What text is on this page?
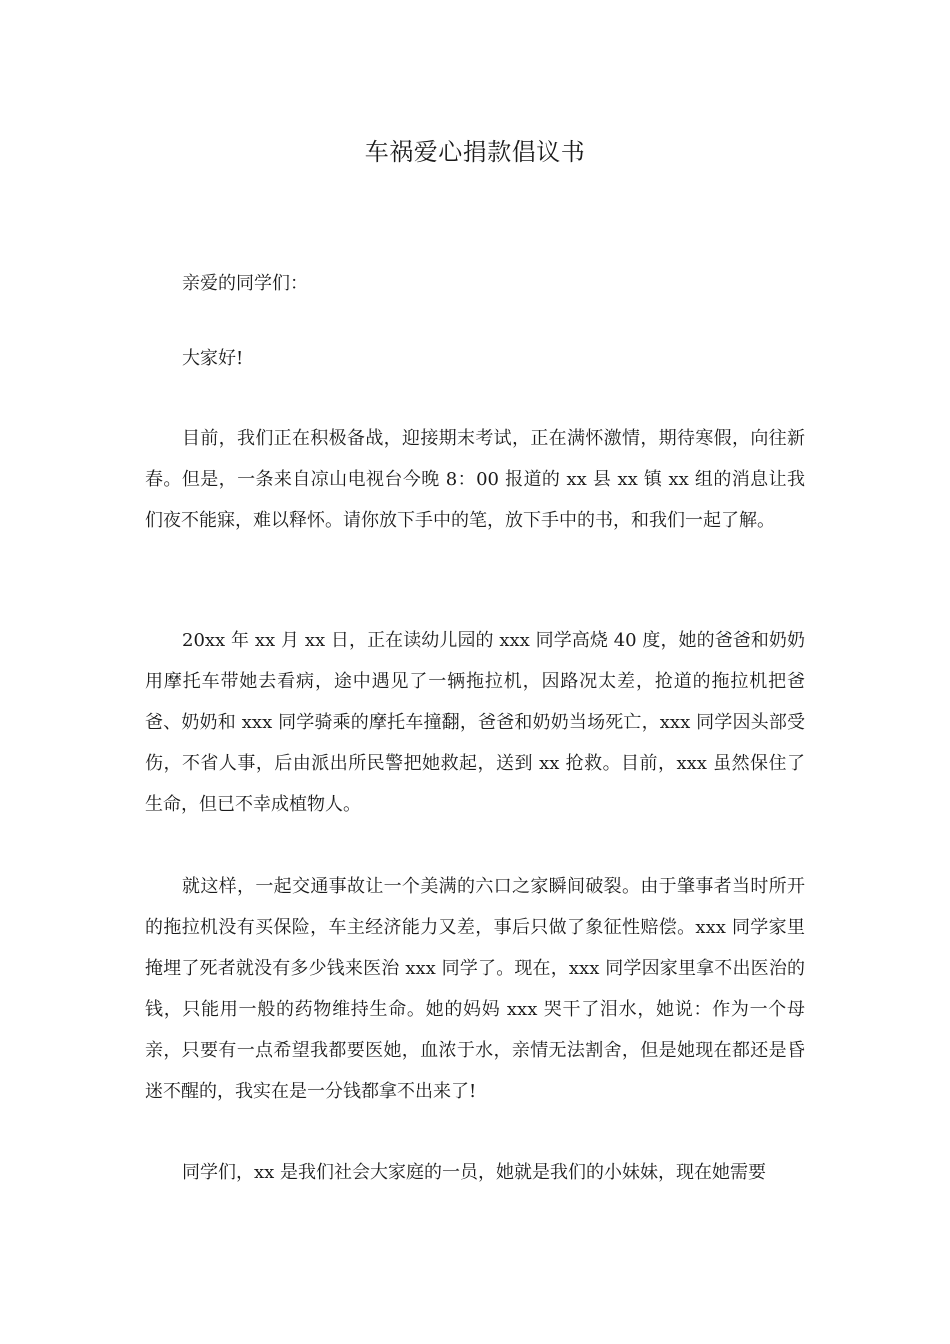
车祸爱心捐款倡议书

亲爱的同学们：

大家好!

目前，我们正在积极备战，迎接期末考试，正在满怀激情，期待寒假，向往新春。但是，一条来自凉山电视台今晚 8：00 报道的 xx 县 xx 镇 xx 组的消息让我们夜不能寐，难以释怀。请你放下手中的笔，放下手中的书，和我们一起了解。

20xx 年 xx 月 xx 日，正在读幼儿园的 xxx 同学高烧 40 度，她的爸爸和奶奶用摩托车带她去看病，途中遇见了一辆拖拉机，因路况太差，抢道的拖拉机把爸爸、奶奶和 xxx 同学骑乘的摩托车撞翻，爸爸和奶奶当场死亡，xxx 同学因头部受伤，不省人事，后由派出所民警把她救起，送到 xx 抢救。目前，xxx 虽然保住了生命，但已不幸成植物人。

就这样，一起交通事故让一个美满的六口之家瞬间破裂。由于肇事者当时所开的拖拉机没有买保险，车主经济能力又差，事后只做了象征性赔偿。xxx 同学家里掩埋了死者就没有多少钱来医治 xxx 同学了。现在，xxx 同学因家里拿不出医治的钱，只能用一般的药物维持生命。她的妈妈 xxx 哭干了泪水，她说：作为一个母亲，只要有一点希望我都要医她，血浓于水，亲情无法割舍，但是她现在都还是昏迷不醒的，我实在是一分钱都拿不出来了!

同学们，xx 是我们社会大家庭的一员，她就是我们的小妹妹，现在她需要
